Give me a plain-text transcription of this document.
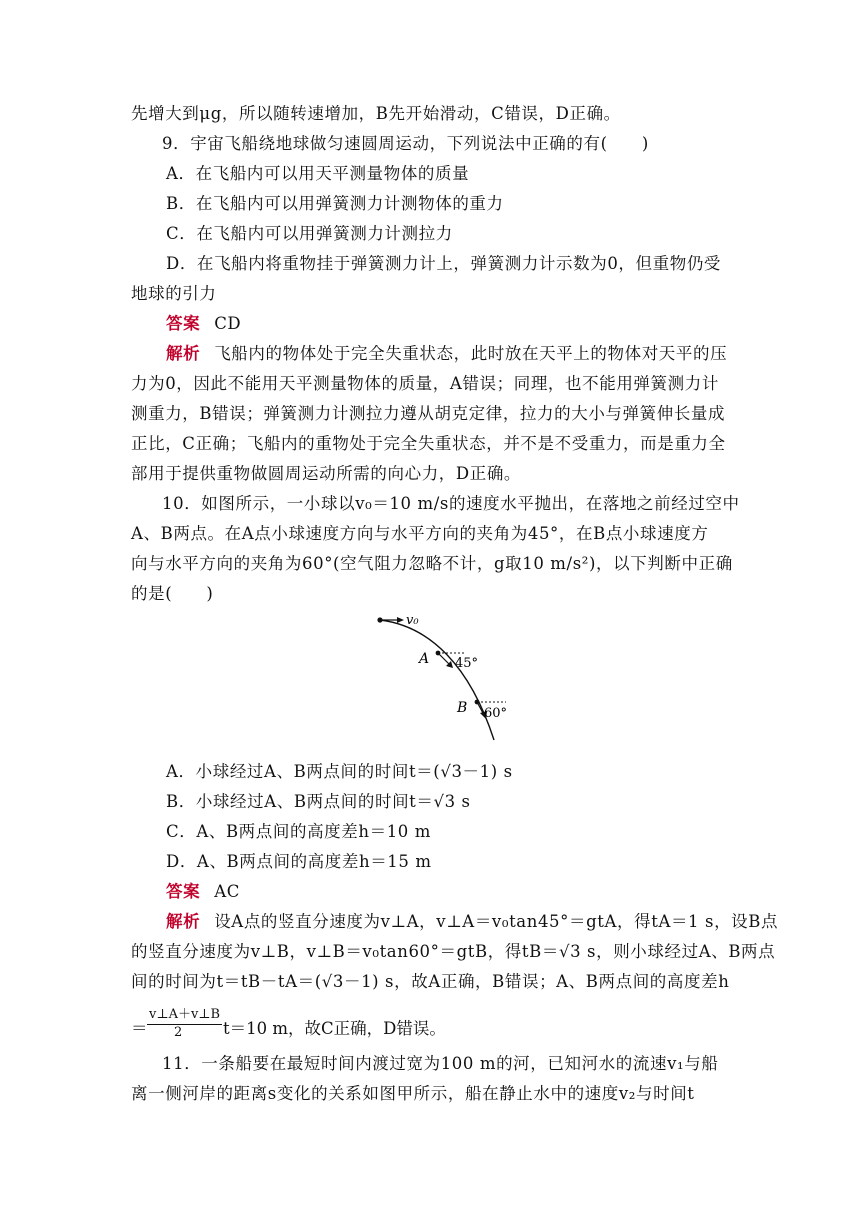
先增大到μg，所以随转速增加，B先开始滑动，C错误，D正确。
9．宇宙飞船绕地球做匀速圆周运动，下列说法中正确的有(　　)
A．在飞船内可以用天平测量物体的质量
B．在飞船内可以用弹簧测力计测物体的重力
C．在飞船内可以用弹簧测力计测拉力
D．在飞船内将重物挂于弹簧测力计上，弹簧测力计示数为0，但重物仍受
地球的引力
答案 CD
解析 飞船内的物体处于完全失重状态，此时放在天平上的物体对天平的压
力为0，因此不能用天平测量物体的质量，A错误；同理，也不能用弹簧测力计
测重力，B错误；弹簧测力计测拉力遵从胡克定律，拉力的大小与弹簧伸长量成
正比，C正确；飞船内的重物处于完全失重状态，并不是不受重力，而是重力全
部用于提供重物做圆周运动所需的向心力，D正确。
10．如图所示，一小球以v₀＝10 m/s的速度水平抛出，在落地之前经过空中
A、B两点。在A点小球速度方向与水平方向的夹角为45°，在B点小球速度方
向与水平方向的夹角为60°(空气阻力忽略不计，g取10 m/s²)，以下判断中正确
的是(　　)
v₀
A 45°
B 60°
A．小球经过A、B两点间的时间t＝(√3－1) s
B．小球经过A、B两点间的时间t＝√3 s
C．A、B两点间的高度差h＝10 m
D．A、B两点间的高度差h＝15 m
答案 AC
解析 设A点的竖直分速度为v⊥A，v⊥A＝v₀tan45°＝gtA，得tA＝1 s，设B点
的竖直分速度为v⊥B，v⊥B＝v₀tan60°＝gtB，得tB＝√3 s，则小球经过A、B两点
间的时间为t＝tB－tA＝(√3－1) s，故A正确，B错误；A、B两点间的高度差h
＝
v⊥A＋v⊥B
2 t＝10 m，故C正确，D错误。
11．一条船要在最短时间内渡过宽为100 m的河，已知河水的流速v₁与船
离一侧河岸的距离s变化的关系如图甲所示，船在静止水中的速度v₂与时间t
